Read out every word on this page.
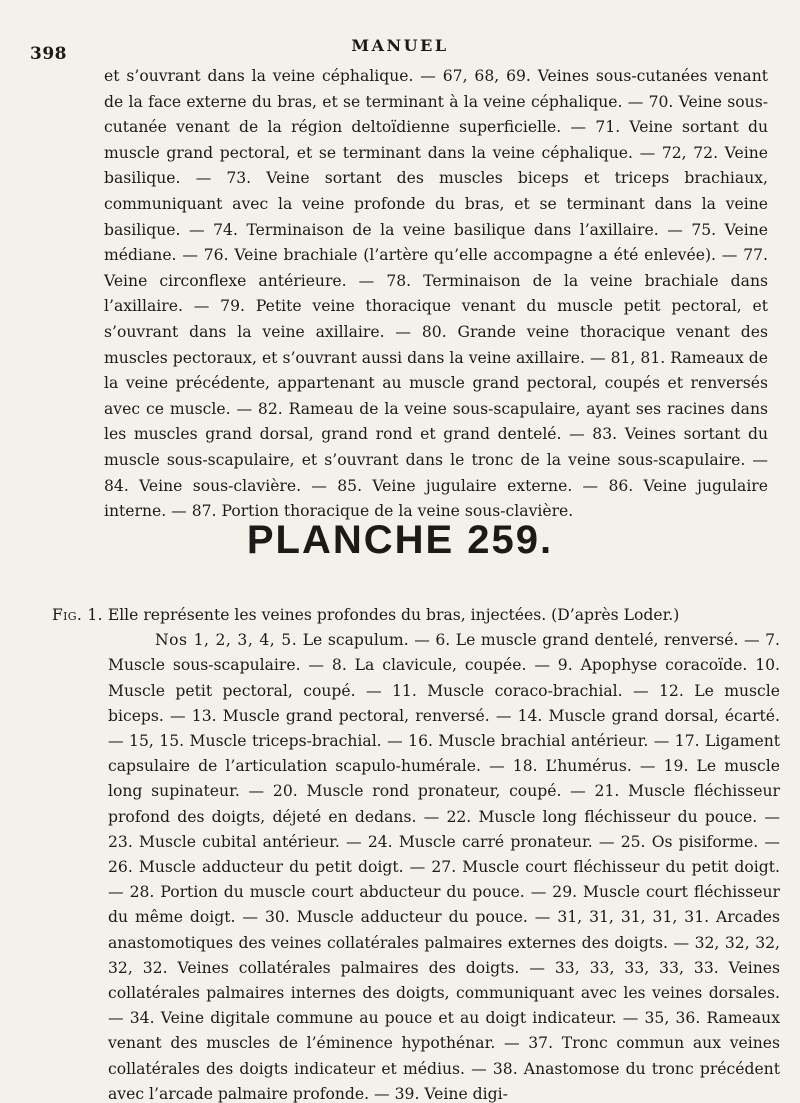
398	MANUEL

et s’ouvrant dans la veine céphalique. — 67, 68, 69. Veines sous-cutanées venant de la face externe du bras, et se terminant à la veine céphalique. — 70. Veine sous-cutanée venant de la région deltoïdienne superficielle. — 71. Veine sortant du muscle grand pectoral, et se terminant dans la veine céphalique. — 72, 72. Veine basilique. — 73. Veine sortant des muscles biceps et triceps brachiaux, communiquant avec la veine profonde du bras, et se terminant dans la veine basilique. — 74. Terminaison de la veine basilique dans l’axillaire. — 75. Veine médiane. — 76. Veine brachiale (l’artère qu’elle accompagne a été enlevée). — 77. Veine circonflexe antérieure. — 78. Terminaison de la veine brachiale dans l’axillaire. — 79. Petite veine thoracique venant du muscle petit pectoral, et s’ouvrant dans la veine axillaire. — 80. Grande veine thoracique venant des muscles pectoraux, et s’ouvrant aussi dans la veine axillaire. — 81, 81. Rameaux de la veine précédente, appartenant au muscle grand pectoral, coupés et renversés avec ce muscle. — 82. Rameau de la veine sous-scapulaire, ayant ses racines dans les muscles grand dorsal, grand rond et grand dentelé. — 83. Veines sortant du muscle sous-scapulaire, et s’ouvrant dans le tronc de la veine sous-scapulaire. — 84. Veine sous-clavière. — 85. Veine jugulaire externe. — 86. Veine jugulaire interne. — 87. Portion thoracique de la veine sous-clavière.

PLANCHE 259.

Fig. 1. Elle représente les veines profondes du bras, injectées. (D’après Loder.)

Nos 1, 2, 3, 4, 5. Le scapulum. — 6. Le muscle grand dentelé, renversé. — 7. Muscle sous-scapulaire. — 8. La clavicule, coupée. — 9. Apophyse coracoïde. 10. Muscle petit pectoral, coupé. — 11. Muscle coraco-brachial. — 12. Le muscle biceps. — 13. Muscle grand pectoral, renversé. — 14. Muscle grand dorsal, écarté. — 15, 15. Muscle triceps-brachial. — 16. Muscle brachial antérieur. — 17. Ligament capsulaire de l’articulation scapulo-humérale. — 18. L’humérus. — 19. Le muscle long supinateur. — 20. Muscle rond pronateur, coupé. — 21. Muscle fléchisseur profond des doigts, déjeté en dedans. — 22. Muscle long fléchisseur du pouce. — 23. Muscle cubital antérieur. — 24. Muscle carré pronateur. — 25. Os pisiforme. — 26. Muscle adducteur du petit doigt. — 27. Muscle court fléchisseur du petit doigt. — 28. Portion du muscle court abducteur du pouce. — 29. Muscle court fléchisseur du même doigt. — 30. Muscle adducteur du pouce. — 31, 31, 31, 31, 31. Arcades anastomotiques des veines collatérales palmaires externes des doigts. — 32, 32, 32, 32, 32. Veines collatérales palmaires des doigts. — 33, 33, 33, 33, 33. Veines collatérales palmaires internes des doigts, communiquant avec les veines dorsales. — 34. Veine digitale commune au pouce et au doigt indicateur. — 35, 36. Rameaux venant des muscles de l’éminence hypothénar. — 37. Tronc commun aux veines collatérales des doigts indicateur et médius. — 38. Anastomose du tronc précédent avec l’arcade palmaire profonde. — 39. Veine digi-
